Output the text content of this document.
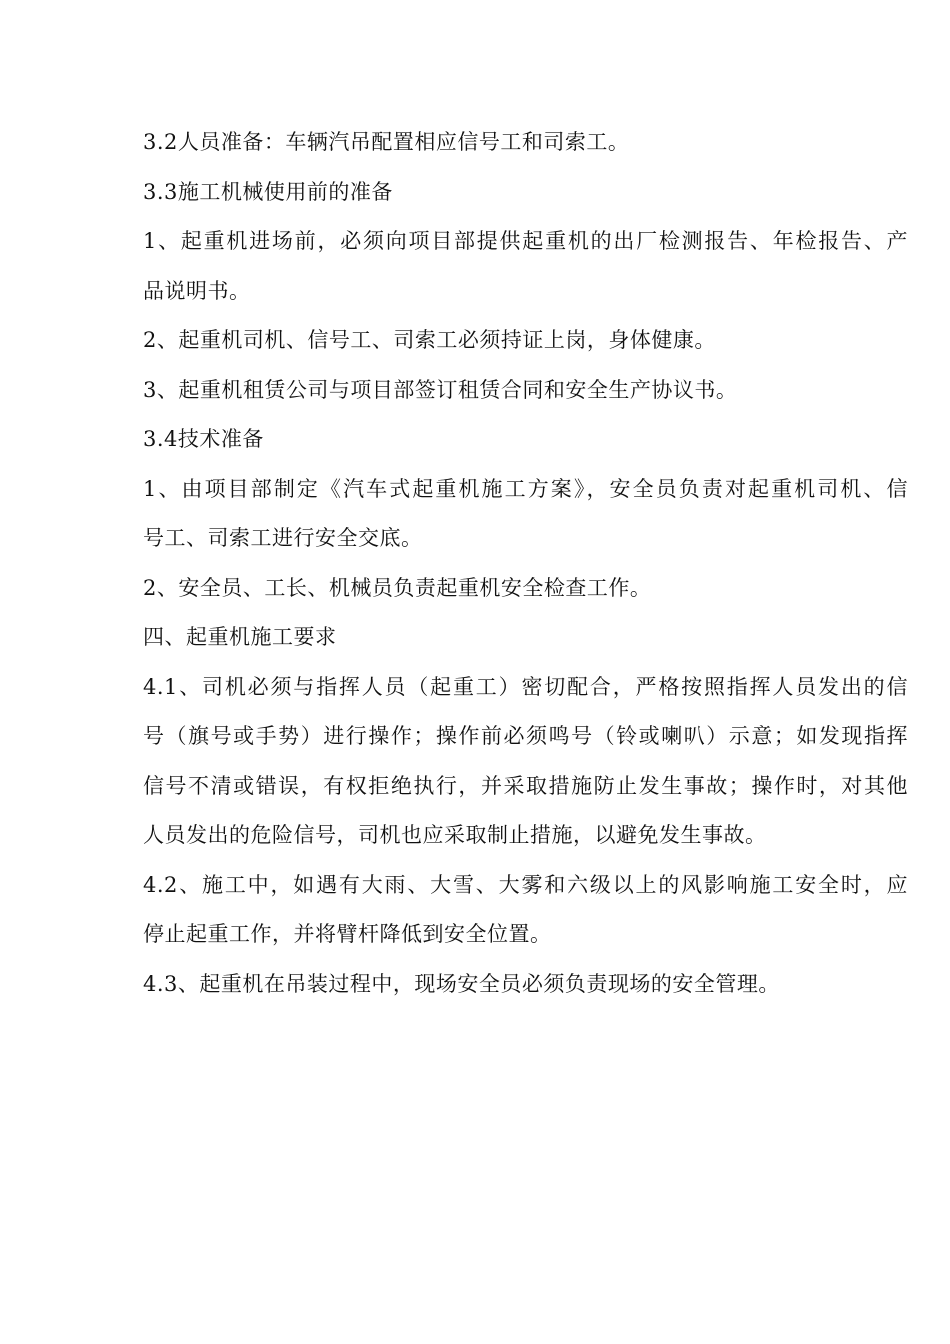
3.2人员准备：车辆汽吊配置相应信号工和司索工。
3.3施工机械使用前的准备
1、起重机进场前，必须向项目部提供起重机的出厂检测报告、年检报告、产
品说明书。
2、起重机司机、信号工、司索工必须持证上岗，身体健康。
3、起重机租赁公司与项目部签订租赁合同和安全生产协议书。
3.4技术准备
1、由项目部制定《汽车式起重机施工方案》，安全员负责对起重机司机、信
号工、司索工进行安全交底。
2、安全员、工长、机械员负责起重机安全检查工作。
四、起重机施工要求
4.1、司机必须与指挥人员（起重工）密切配合，严格按照指挥人员发出的信
号（旗号或手势）进行操作；操作前必须鸣号（铃或喇叭）示意；如发现指挥
信号不清或错误，有权拒绝执行，并采取措施防止发生事故；操作时，对其他
人员发出的危险信号，司机也应采取制止措施，以避免发生事故。
4.2、施工中，如遇有大雨、大雪、大雾和六级以上的风影响施工安全时，应
停止起重工作，并将臂杆降低到安全位置。
4.3、起重机在吊装过程中，现场安全员必须负责现场的安全管理。
